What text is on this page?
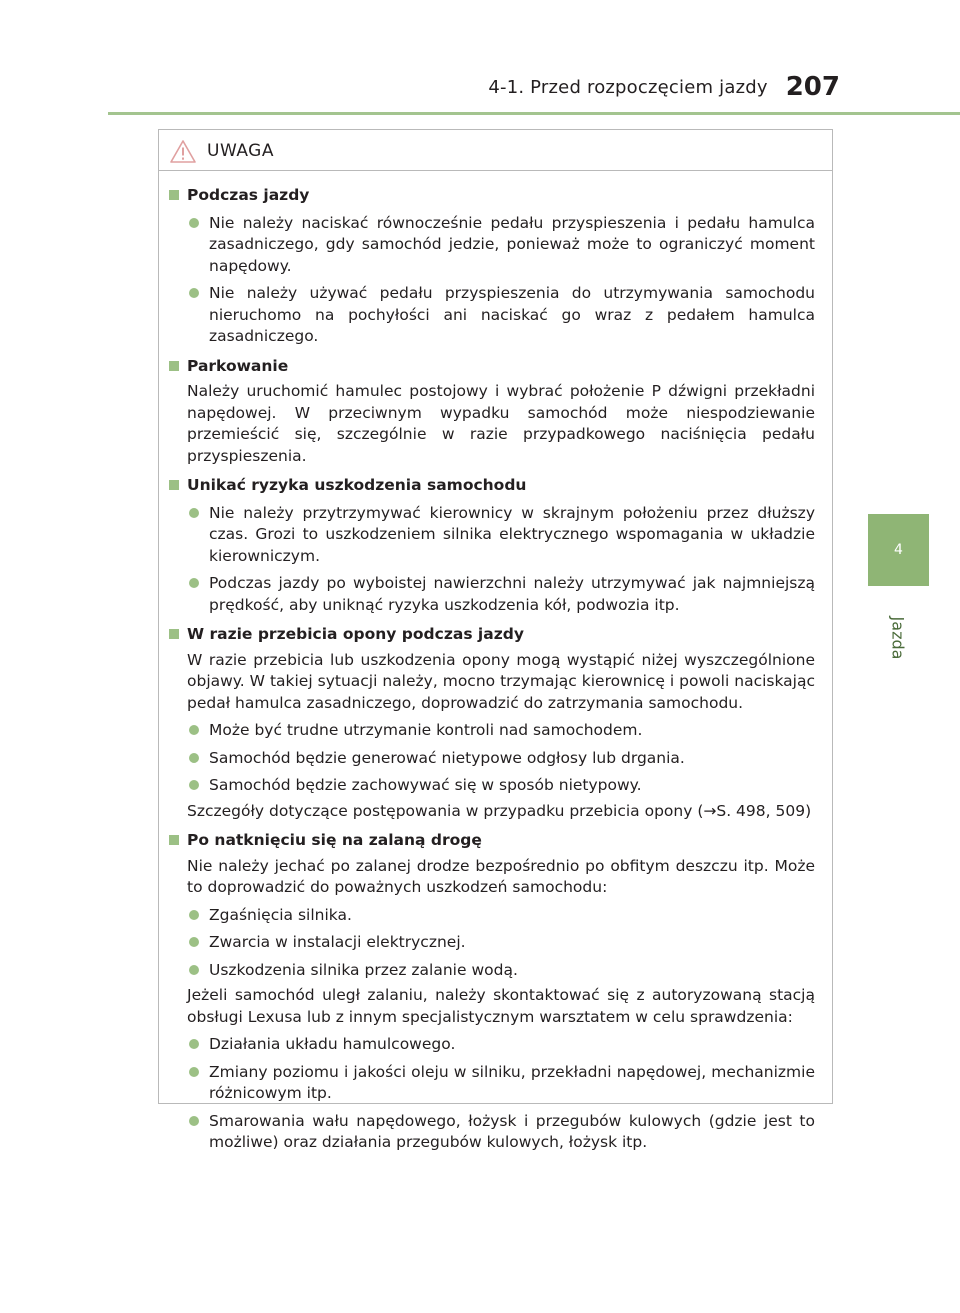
4-1. Przed rozpoczęciem jazdy 207
4
Jazda
UWAGA
Podczas jazdy
Nie należy naciskać równocześnie pedału przyspieszenia i pedału hamulca zasadniczego, gdy samochód jedzie, ponieważ może to ograniczyć moment napędowy.
Nie należy używać pedału przyspieszenia do utrzymywania samochodu nieruchomo na pochyłości ani naciskać go wraz z pedałem hamulca zasadniczego.
Parkowanie
Należy uruchomić hamulec postojowy i wybrać położenie P dźwigni przekładni napędowej. W przeciwnym wypadku samochód może niespodziewanie przemieścić się, szczególnie w razie przypadkowego naciśnięcia pedału przyspieszenia.
Unikać ryzyka uszkodzenia samochodu
Nie należy przytrzymywać kierownicy w skrajnym położeniu przez dłuższy czas. Grozi to uszkodzeniem silnika elektrycznego wspomagania w układzie kierowniczym.
Podczas jazdy po wyboistej nawierzchni należy utrzymywać jak najmniejszą prędkość, aby uniknąć ryzyka uszkodzenia kół, podwozia itp.
W razie przebicia opony podczas jazdy
W razie przebicia lub uszkodzenia opony mogą wystąpić niżej wyszczególnione objawy. W takiej sytuacji należy, mocno trzymając kierownicę i powoli naciskając pedał hamulca zasadniczego, doprowadzić do zatrzymania samochodu.
Może być trudne utrzymanie kontroli nad samochodem.
Samochód będzie generować nietypowe odgłosy lub drgania.
Samochód będzie zachowywać się w sposób nietypowy.
Szczegóły dotyczące postępowania w przypadku przebicia opony (→S. 498, 509)
Po natknięciu się na zalaną drogę
Nie należy jechać po zalanej drodze bezpośrednio po obfitym deszczu itp. Może to doprowadzić do poważnych uszkodzeń samochodu:
Zgaśnięcia silnika.
Zwarcia w instalacji elektrycznej.
Uszkodzenia silnika przez zalanie wodą.
Jeżeli samochód uległ zalaniu, należy skontaktować się z autoryzowaną stacją obsługi Lexusa lub z innym specjalistycznym warsztatem w celu sprawdzenia:
Działania układu hamulcowego.
Zmiany poziomu i jakości oleju w silniku, przekładni napędowej, mechanizmie różnicowym itp.
Smarowania wału napędowego, łożysk i przegubów kulowych (gdzie jest to możliwe) oraz działania przegubów kulowych, łożysk itp.
